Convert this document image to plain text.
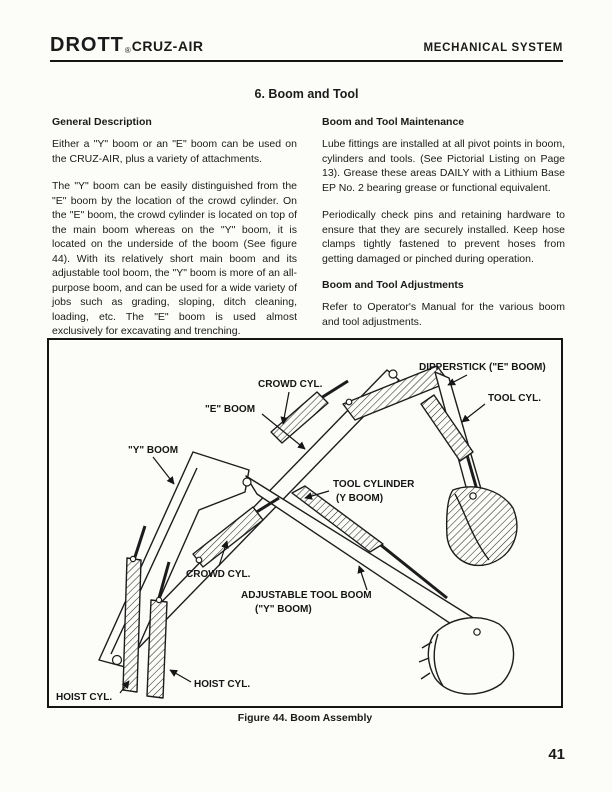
DROTT®CRUZ-AIR	MECHANICAL SYSTEM
6. Boom and Tool
General Description

Either a "Y" boom or an "E" boom can be used on the CRUZ-AIR, plus a variety of attachments.

The "Y" boom can be easily distinguished from the "E" boom by the location of the crowd cylinder. On the "E" boom, the crowd cylinder is located on top of the main boom whereas on the "Y" boom, it is located on the underside of the boom (See figure 44). With its relatively short main boom and its adjustable tool boom, the "Y" boom is more of an all-purpose boom, and can be used for a wide variety of jobs such as grading, sloping, ditch cleaning, loading, etc. The "E" boom is used almost exclusively for excavating and trenching.

Boom and Tool Maintenance

Lube fittings are installed at all pivot points in boom, cylinders and tools. (See Pictorial Listing on Page 13). Grease these areas DAILY with a Lithium Base EP No. 2 bearing grease or functional equivalent.

Periodically check pins and retaining hardware to ensure that they are securely installed. Keep hose clamps tightly fastened to prevent hoses from getting damaged or pinched during operation.

Boom and Tool Adjustments

Refer to Operator's Manual for the various boom and tool adjustments.

DIPPERSTICK ("E" BOOM)
CROWD CYL.
TOOL CYL.
"E" BOOM
"Y" BOOM
TOOL CYLINDER
(Y BOOM)
CROWD CYL.
ADJUSTABLE TOOL BOOM
("Y" BOOM)
HOIST CYL.
HOIST CYL.
Figure 44. Boom Assembly
41
